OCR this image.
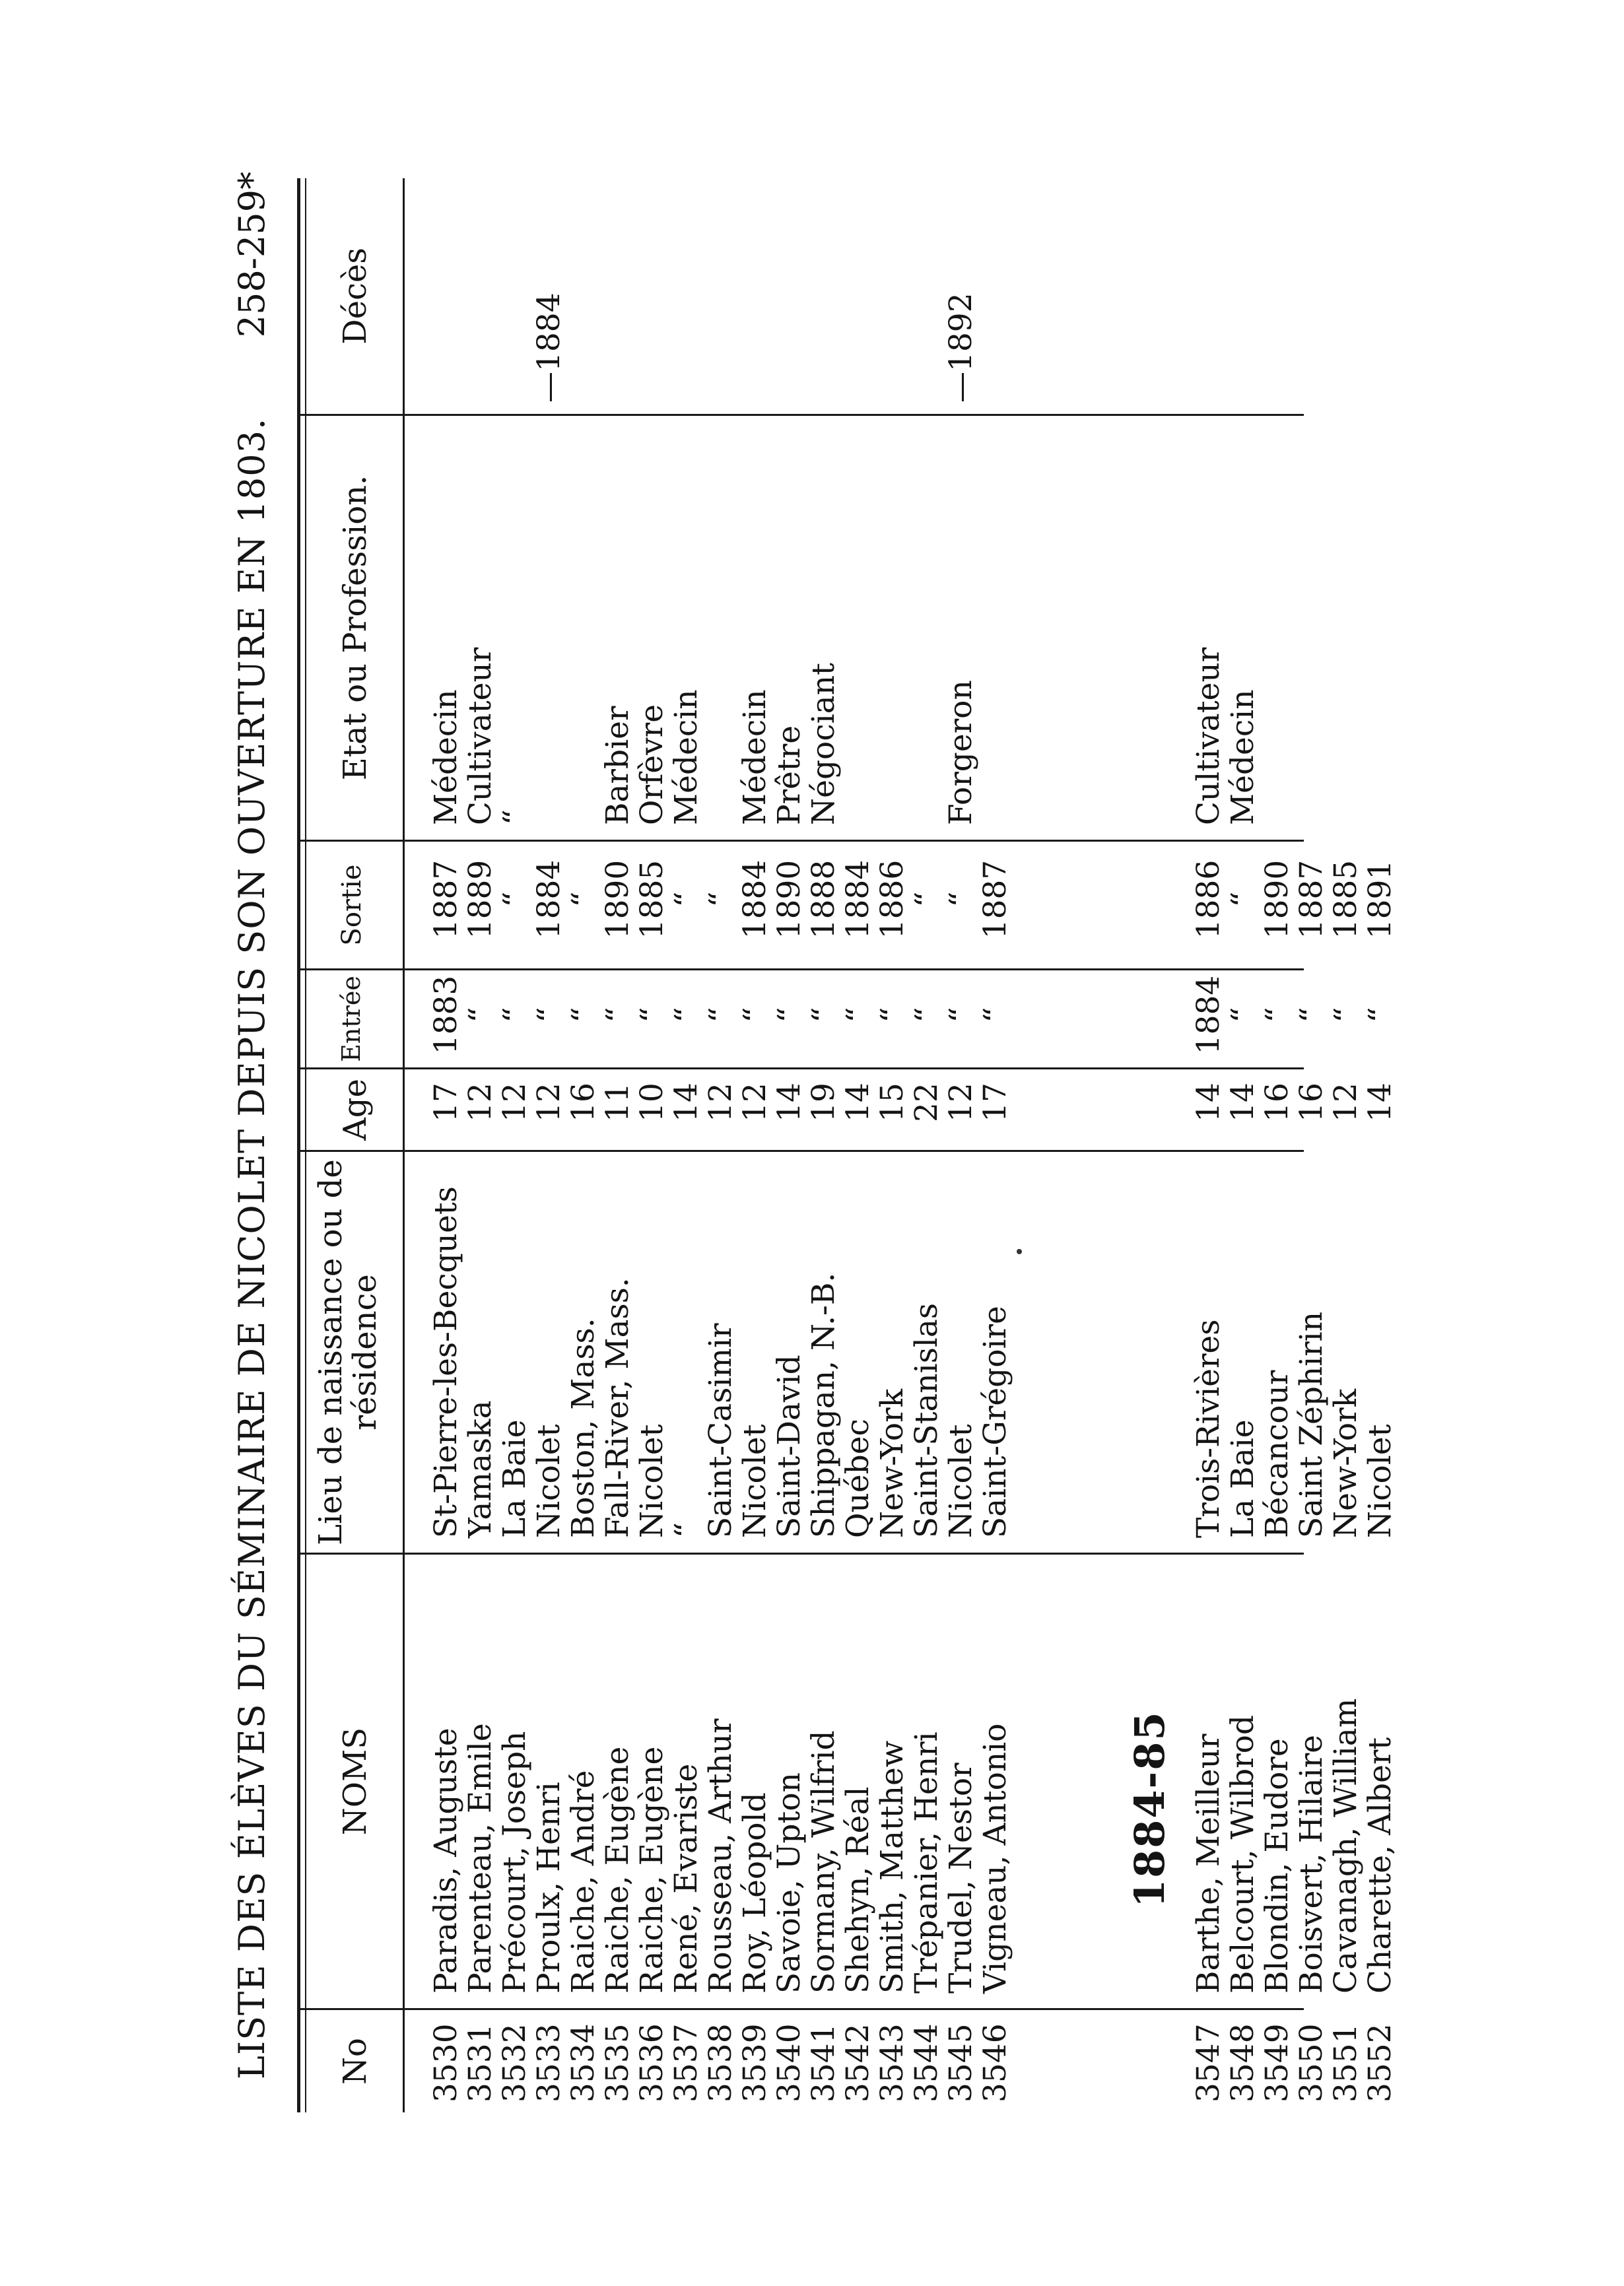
LISTE DES ÉLÈVES DU SÉMINAIRE DE NICOLET DEPUIS SON OUVERTURE EN 1803.
258-259*
No
NOMS
Lieu de naissance ou de résidence
Age
Entrée
Sortie
Etat ou Profession.
Décès
1884-85
3530
Paradis, Auguste
St-Pierre-les-Becquets
17
1883
1887
Médecin
3531
Parenteau, Emile
Yamaska
12
“
1889
Cultivateur
3532
Précourt, Joseph
La Baie
12
“
“
“
3533
Proulx, Henri
Nicolet
12
“
1884
—1884
3534
Raiche, André
Boston, Mass.
16
“
“
3535
Raiche, Eugène
Fall-River, Mass.
11
“
1890
Barbier
3536
Raiche, Eugène
Nicolet
10
“
1885
Orfèvre
3537
René, Evariste
“
14
“
“
Médecin
3538
Rousseau, Arthur
Saint-Casimir
12
“
“
3539
Roy, Léopold
Nicolet
12
“
1884
Médecin
3540
Savoie, Upton
Saint-David
14
“
1890
Prêtre
3541
Sormany, Wilfrid
Shippagan, N.-B.
19
“
1888
Négociant
3542
Shehyn, Réal
Québec
14
“
1884
3543
Smith, Matthew
New-York
15
“
1886
3544
Trépanier, Henri
Saint-Stanislas
22
“
“
3545
Trudel, Nestor
Nicolet
12
“
“
Forgeron
—1892
3546
Vigneau, Antonio
Saint-Grégoire
17
“
1887
3547
Barthe, Meilleur
Trois-Rivières
14
1884
1886
Cultivateur
3548
Belcourt, Wilbrod
La Baie
14
“
“
Médecin
3549
Blondin, Eudore
Bécancour
16
“
1890
3550
Boisvert, Hilaire
Saint Zéphirin
16
“
1887
3551
Cavanagh, William
New-York
12
“
1885
3552
Charette, Albert
Nicolet
14
“
1891
